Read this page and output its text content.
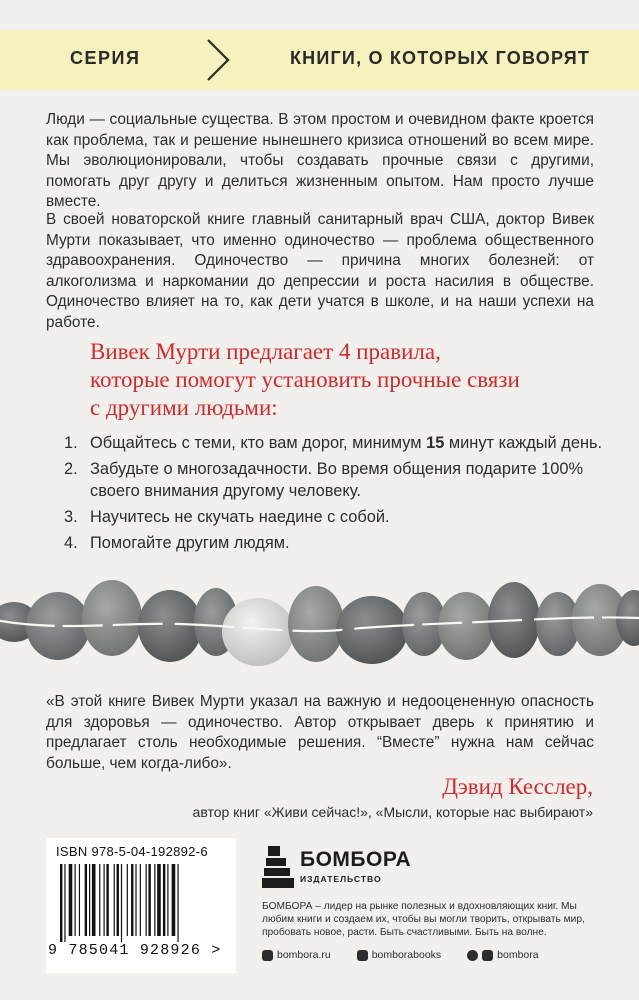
СЕРИЯ	КНИГИ, О КОТОРЫХ ГОВОРЯТ

Люди — социальные существа. В этом простом и очевидном факте кроется как проблема, так и решение нынешнего кризиса отношений во всем мире. Мы эволюционировали, чтобы создавать прочные связи с другими, помогать друг другу и делиться жизненным опытом. Нам просто лучше вместе.

В своей новаторской книге главный санитарный врач США, доктор Вивек Мурти показывает, что именно одиночество — проблема общественного здравоохранения. Одиночество — причина многих болезней: от алкоголизма и наркомании до депрессии и роста насилия в обществе. Одиночество влияет на то, как дети учатся в школе, и на наши успехи на работе.

Вивек Мурти предлагает 4 правила,
которые помогут установить прочные связи
с другими людьми:
1. Общайтесь с теми, кто вам дорог, минимум 15 минут каждый день.
2. Забудьте о многозадачности. Во время общения подарите 100% своего внимания другому человеку.
3. Научитесь не скучать наедине с собой.
4. Помогайте другим людям.

«В этой книге Вивек Мурти указал на важную и недооцененную опасность для здоровья — одиночество. Автор открывает дверь к принятию и предлагает столь необходимые решения. “Вместе” нужна нам сейчас больше, чем когда-либо».

Дэвид Кесслер,
автор книг «Живи сейчас!», «Мысли, которые нас выбирают»
ISBN 978-5-04-192892-6
9 785041 928926 >
БОМБОРА
ИЗДАТЕЛЬСТВО

БОМБОРА – лидер на рынке полезных и вдохновляющих книг. Мы любим книги и создаем их, чтобы вы могли творить, открывать мир, пробовать новое, расти. Быть счастливыми. Быть на волне.

bombora.ru	bomborabooks	bombora
